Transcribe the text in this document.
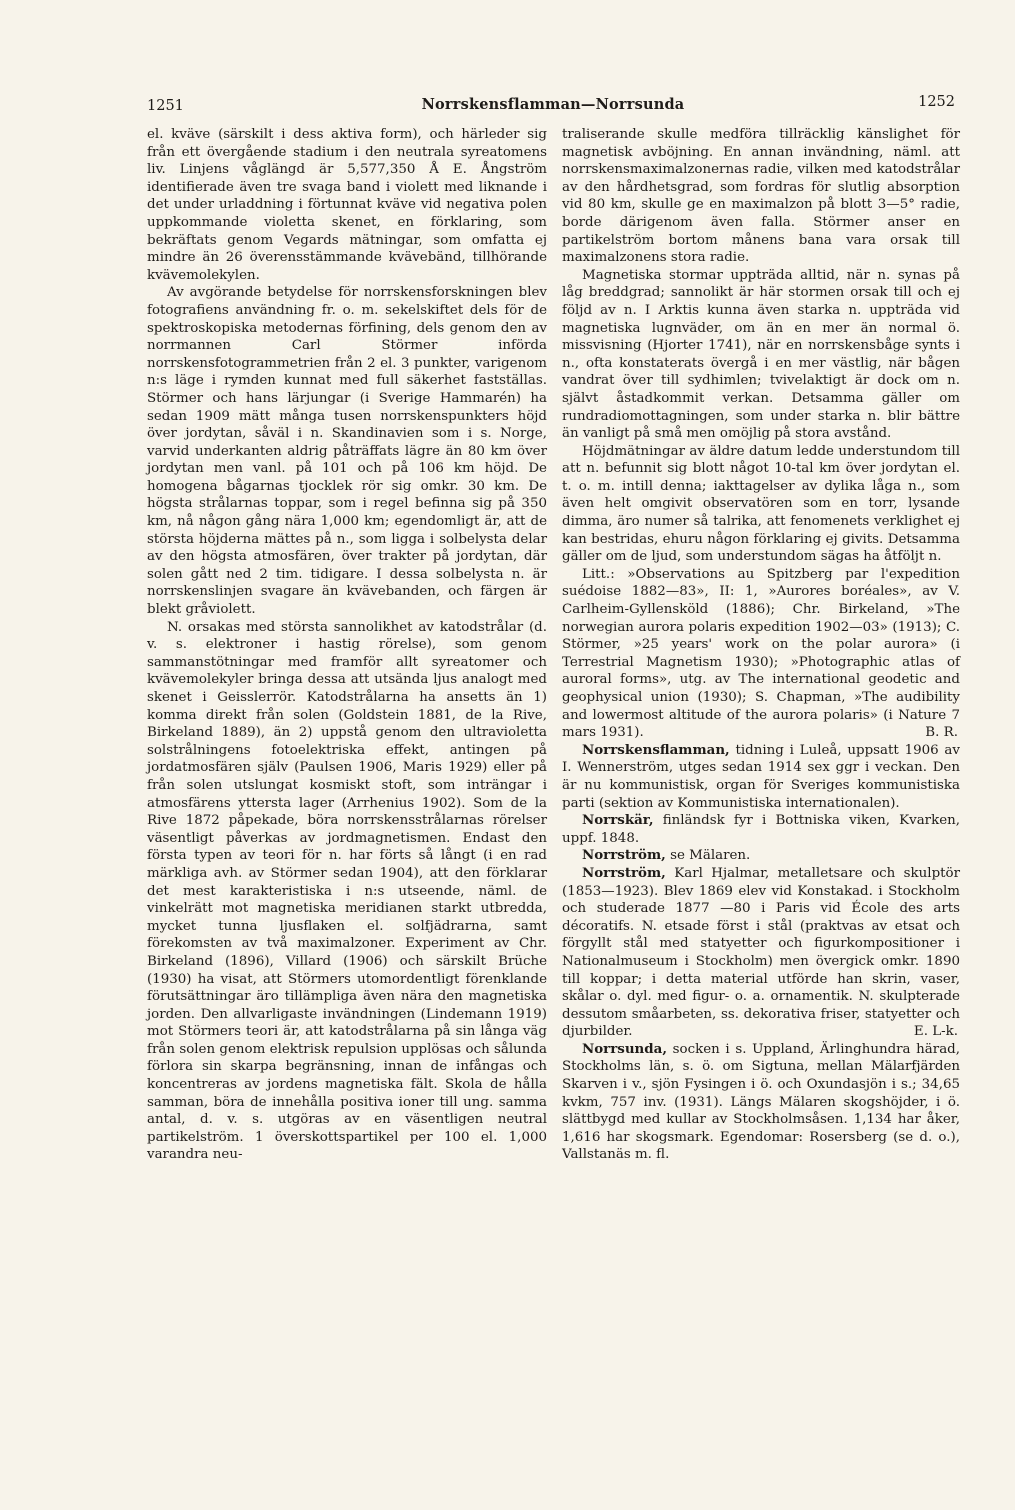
1251	Norrskensflamman—Norrsunda	1252

el. kväve (särskilt i dess aktiva form), och härleder sig från ett övergående stadium i den neutrala syreatomens liv. Linjens våglängd är 5,577,350 Å E. Ångström identifierade även tre svaga band i violett med liknande i det under urladdning i förtunnat kväve vid negativa polen uppkommande violetta skenet, en förklaring, som bekräftats genom Vegards mätningar, som omfatta ej mindre än 26 överensstämmande kvävebänd, tillhörande kvävemolekylen.

Av avgörande betydelse för norrskensforskningen blev fotografiens användning fr. o. m. sekelskiftet dels för de spektroskopiska metodernas förfining, dels genom den av norrmannen Carl Störmer införda norrskensfotogrammetrien från 2 el. 3 punkter, varigenom n:s läge i rymden kunnat med full säkerhet fastställas. Störmer och hans lärjungar (i Sverige Hammarén) ha sedan 1909 mätt många tusen norrskenspunkters höjd över jordytan, såväl i n. Skandinavien som i s. Norge, varvid underkanten aldrig påträffats lägre än 80 km över jordytan men vanl. på 101 och på 106 km höjd. De homogena bågarnas tjocklek rör sig omkr. 30 km. De högsta strålarnas toppar, som i regel befinna sig på 350 km, nå någon gång nära 1,000 km; egendomligt är, att de största höjderna mättes på n., som ligga i solbelysta delar av den högsta atmosfären, över trakter på jordytan, där solen gått ned 2 tim. tidigare. I dessa solbelysta n. är norrskenslinjen svagare än kvävebanden, och färgen är blekt gråviolett.

N. orsakas med största sannolikhet av katodstrålar (d. v. s. elektroner i hastig rörelse), som genom sammanstötningar med framför allt syreatomer och kvävemolekyler bringa dessa att utsända ljus analogt med skenet i Geisslerrör. Katodstrålarna ha ansetts än 1) komma direkt från solen (Goldstein 1881, de la Rive, Birkeland 1889), än 2) uppstå genom den ultravioletta solstrålningens fotoelektriska effekt, antingen på jordatmosfären själv (Paulsen 1906, Maris 1929) eller på från solen utslungat kosmiskt stoft, som inträngar i atmosfärens yttersta lager (Arrhenius 1902). Som de la Rive 1872 påpekade, böra norrskensstrålarnas rörelser väsentligt påverkas av jordmagnetismen. Endast den första typen av teori för n. har förts så långt (i en rad märkliga avh. av Störmer sedan 1904), att den förklarar det mest karakteristiska i n:s utseende, näml. de vinkelrätt mot magnetiska meridianen starkt utbredda, mycket tunna ljusflaken el. solfjädrarna, samt förekomsten av två maximalzoner. Experiment av Chr. Birkeland (1896), Villard (1906) och särskilt Brüche (1930) ha visat, att Störmers utomordentligt förenklande förutsättningar äro tillämpliga även nära den magnetiska jorden. Den allvarligaste invändningen (Lindemann 1919) mot Störmers teori är, att katodstrålarna på sin långa väg från solen genom elektrisk repulsion upplösas och sålunda förlora sin skarpa begränsning, innan de infångas och koncentreras av jordens magnetiska fält. Skola de hålla samman, böra de innehålla positiva ioner till ung. samma antal, d. v. s. utgöras av en väsentligen neutral partikelström. 1 överskottspartikel per 100 el. 1,000 varandra neu-

traliserande skulle medföra tillräcklig känslighet för magnetisk avböjning. En annan invändning, näml. att norrskensmaximalzonernas radie, vilken med katodstrålar av den hårdhetsgrad, som fordras för slutlig absorption vid 80 km, skulle ge en maximalzon på blott 3—5° radie, borde därigenom även falla. Störmer anser en partikelström bortom månens bana vara orsak till maximalzonens stora radie.

Magnetiska stormar uppträda alltid, när n. synas på låg breddgrad; sannolikt är här stormen orsak till och ej följd av n. I Arktis kunna även starka n. uppträda vid magnetiska lugnväder, om än en mer än normal ö. missvisning (Hjorter 1741), när en norrskensbåge synts i n., ofta konstaterats övergå i en mer västlig, när bågen vandrat över till sydhimlen; tvivelaktigt är dock om n. självt åstadkommit verkan. Detsamma gäller om rundradiomottagningen, som under starka n. blir bättre än vanligt på små men omöjlig på stora avstånd.

Höjdmätningar av äldre datum ledde understundom till att n. befunnit sig blott något 10-tal km över jordytan el. t. o. m. intill denna; iakttagelser av dylika låga n., som även helt omgivit observatören som en torr, lysande dimma, äro numer så talrika, att fenomenets verklighet ej kan bestridas, ehuru någon förklaring ej givits. Detsamma gäller om de ljud, som understundom sägas ha åtföljt n.

Litt.: »Observations au Spitzberg par l'expedition suédoise 1882—83», II: 1, »Aurores boréales», av V. Carlheim-Gyllensköld (1886); Chr. Birkeland, »The norwegian aurora polaris expedition 1902—03» (1913); C. Störmer, »25 years' work on the polar aurora» (i Terrestrial Magnetism 1930); »Photographic atlas of auroral forms», utg. av The international geodetic and geophysical union (1930); S. Chapman, »The audibility and lowermost altitude of the aurora polaris» (i Nature 7 mars 1931).	B. R.

Norrskensflamman, tidning i Luleå, uppsatt 1906 av I. Wennerström, utges sedan 1914 sex ggr i veckan. Den är nu kommunistisk, organ för Sveriges kommunistiska parti (sektion av Kommunistiska internationalen).

Norrskär, finländsk fyr i Bottniska viken, Kvarken, uppf. 1848.

Norrström, se Mälaren.

Norrström, Karl Hjalmar, metalletsare och skulptör (1853—1923). Blev 1869 elev vid Konstakad. i Stockholm och studerade 1877 —80 i Paris vid École des arts décoratifs. N. etsade först i stål (praktvas av etsat och förgyllt stål med statyetter och figurkompositioner i Nationalmuseum i Stockholm) men övergick omkr. 1890 till koppar; i detta material utförde han skrin, vaser, skålar o. dyl. med figur- o. a. ornamentik. N. skulpterade dessutom småarbeten, ss. dekorativa friser, statyetter och djurbilder.	E. L-k.

Norrsunda, socken i s. Uppland, Ärlinghundra härad, Stockholms län, s. ö. om Sigtuna, mellan Mälarfjärden Skarven i v., sjön Fysingen i ö. och Oxundasjön i s.; 34,65 kvkm, 757 inv. (1931). Längs Mälaren skogshöjder, i ö. slättbygd med kullar av Stockholmsåsen. 1,134 har åker, 1,616 har skogsmark. Egendomar: Rosersberg (se d. o.), Vallstanäs m. fl.
